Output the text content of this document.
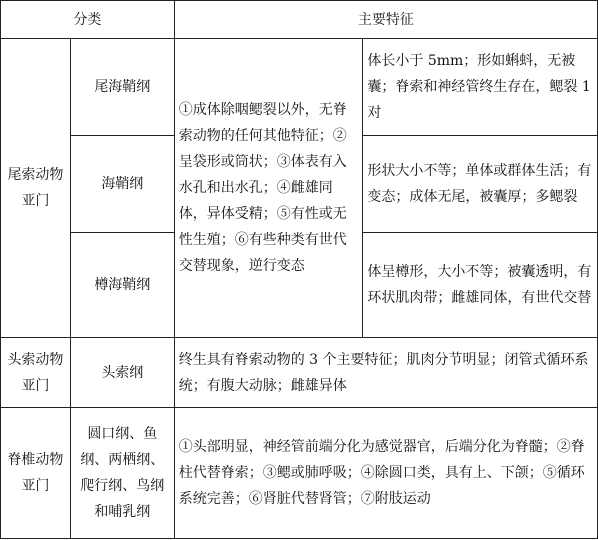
分类		主要特征	
尾索动物亚门	尾海鞘纲	①成体除咽鳃裂以外，无脊索动物的任何其他特征；②呈袋形或筒状；③体表有入水孔和出水孔；④雌雄同体，异体受精；⑤有性或无性生殖；⑥有些种类有世代交替现象，逆行变态	体长小于 5mm；形如蝌蚪，无被囊；脊索和神经管终生存在，鳃裂 1 对
	海鞘纲		形状大小不等；单体或群体生活；有变态；成体无尾，被囊厚；多鳃裂
	樽海鞘纲		体呈樽形，大小不等；被囊透明，有环状肌肉带；雌雄同体，有世代交替
头索动物亚门	头索纲	终生具有脊索动物的 3 个主要特征；肌肉分节明显；闭管式循环系统；有腹大动脉；雌雄异体	
脊椎动物亚门	圆口纲、鱼纲、两栖纲、爬行纲、鸟纲和哺乳纲	①头部明显，神经管前端分化为感觉器官，后端分化为脊髓；②脊柱代替脊索；③鳃或肺呼吸；④除圆口类，具有上、下颌；⑤循环系统完善；⑥肾脏代替肾管；⑦附肢运动	
